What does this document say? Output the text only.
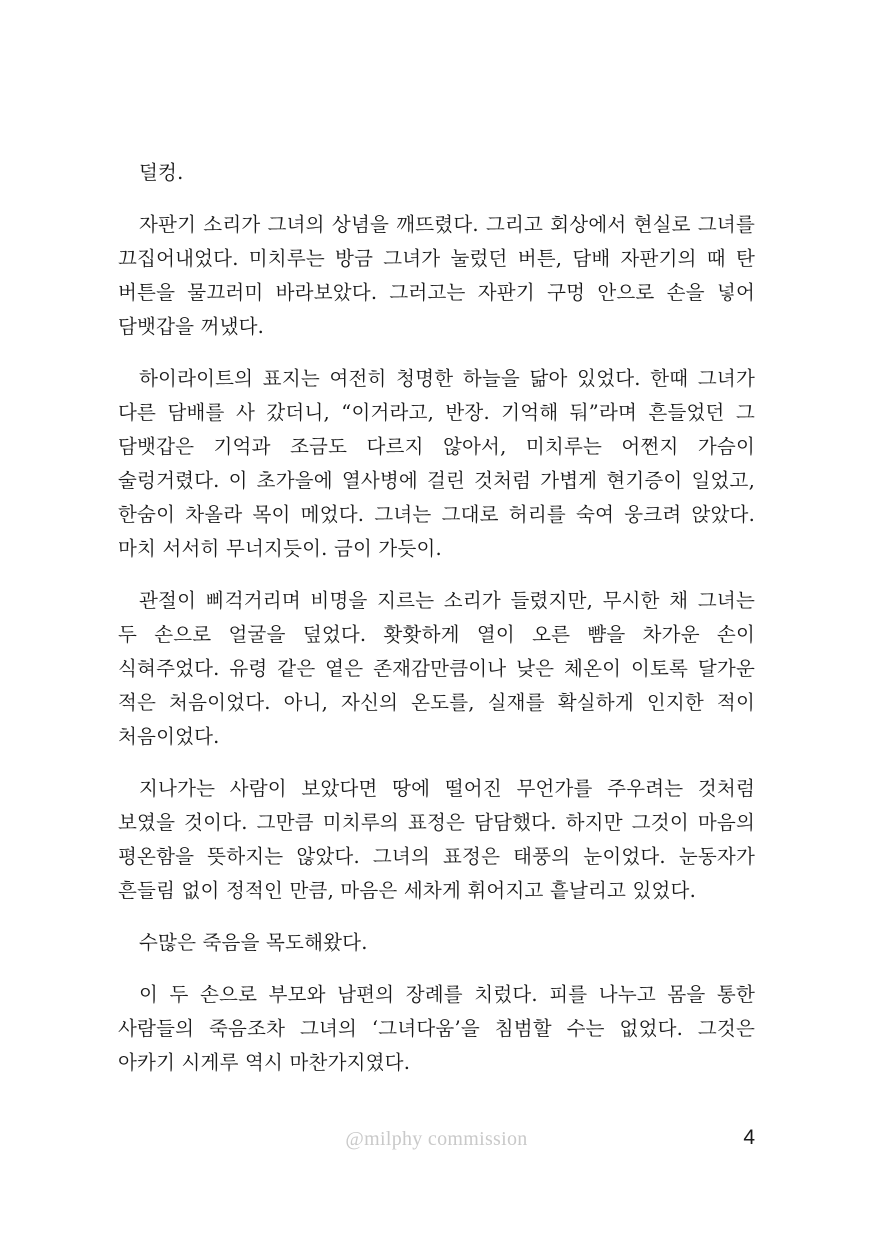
덜컹.

자판기 소리가 그녀의 상념을 깨뜨렸다. 그리고 회상에서 현실로 그녀를 끄집어내었다. 미치루는 방금 그녀가 눌렀던 버튼, 담배 자판기의 때 탄 버튼을 물끄러미 바라보았다. 그러고는 자판기 구멍 안으로 손을 넣어 담뱃갑을 꺼냈다.

하이라이트의 표지는 여전히 청명한 하늘을 닮아 있었다. 한때 그녀가 다른 담배를 사 갔더니, “이거라고, 반장. 기억해 둬”라며 흔들었던 그 담뱃갑은 기억과 조금도 다르지 않아서, 미치루는 어쩐지 가슴이 술렁거렸다. 이 초가을에 열사병에 걸린 것처럼 가볍게 현기증이 일었고, 한숨이 차올라 목이 메었다. 그녀는 그대로 허리를 숙여 웅크려 앉았다. 마치 서서히 무너지듯이. 금이 가듯이.

관절이 삐걱거리며 비명을 지르는 소리가 들렸지만, 무시한 채 그녀는 두 손으로 얼굴을 덮었다. 홧홧하게 열이 오른 뺨을 차가운 손이 식혀주었다. 유령 같은 옅은 존재감만큼이나 낮은 체온이 이토록 달가운 적은 처음이었다. 아니, 자신의 온도를, 실재를 확실하게 인지한 적이 처음이었다.

지나가는 사람이 보았다면 땅에 떨어진 무언가를 주우려는 것처럼 보였을 것이다. 그만큼 미치루의 표정은 담담했다. 하지만 그것이 마음의 평온함을 뜻하지는 않았다. 그녀의 표정은 태풍의 눈이었다. 눈동자가 흔들림 없이 정적인 만큼, 마음은 세차게 휘어지고 흩날리고 있었다.

수많은 죽음을 목도해왔다.

이 두 손으로 부모와 남편의 장례를 치렀다. 피를 나누고 몸을 통한 사람들의 죽음조차 그녀의 ‘그녀다움’을 침범할 수는 없었다. 그것은 아카기 시게루 역시 마찬가지였다.

@milphy commission	4
